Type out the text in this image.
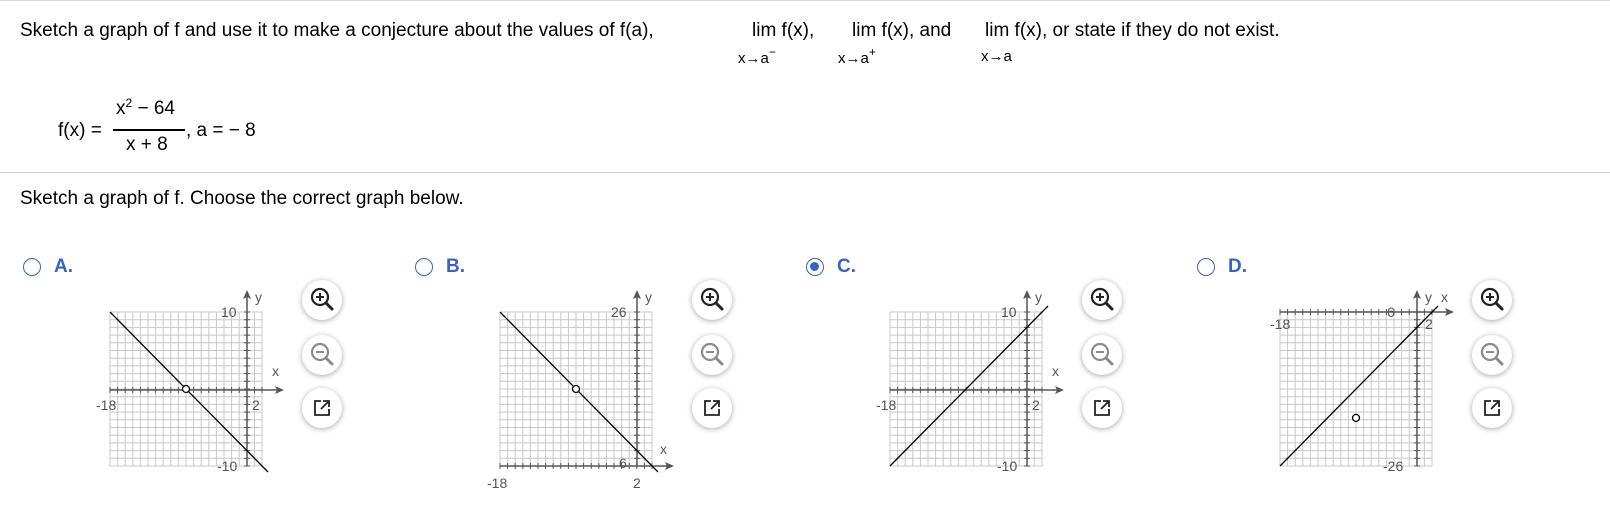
Sketch a graph of f and use it to make a conjecture about the values of f(a),	lim f(x),
x→a−
lim f(x), and
x→a+
lim f(x), or state if they do not exist.
x→a
f(x) =
$x^2 - 64$
x + 8
, a = − 8
Sketch a graph of f. Choose the correct graph below.
A.	B.	C.	D.
y
x
-18	2
10
-10
y
x
-18	2
26
6
y
x
-18	2
10
-10
y x
-18	2
6
-26
